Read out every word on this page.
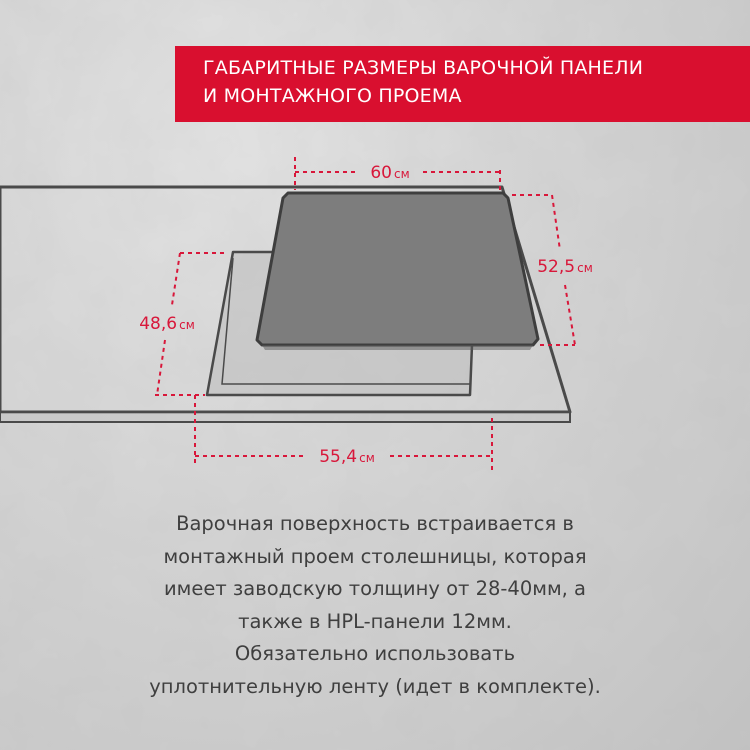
ГАБАРИТНЫЕ РАЗМЕРЫ ВАРОЧНОЙ ПАНЕЛИ
И МОНТАЖНОГО ПРОЕМА
60 см
52,5 см
48,6 см
55,4 см
Варочная поверхность встраивается в
монтажный проем столешницы, которая
имеет заводскую толщину от 28-40мм, а
также в HPL-панели 12мм.
Обязательно использовать
уплотнительную ленту (идет в комплекте).
